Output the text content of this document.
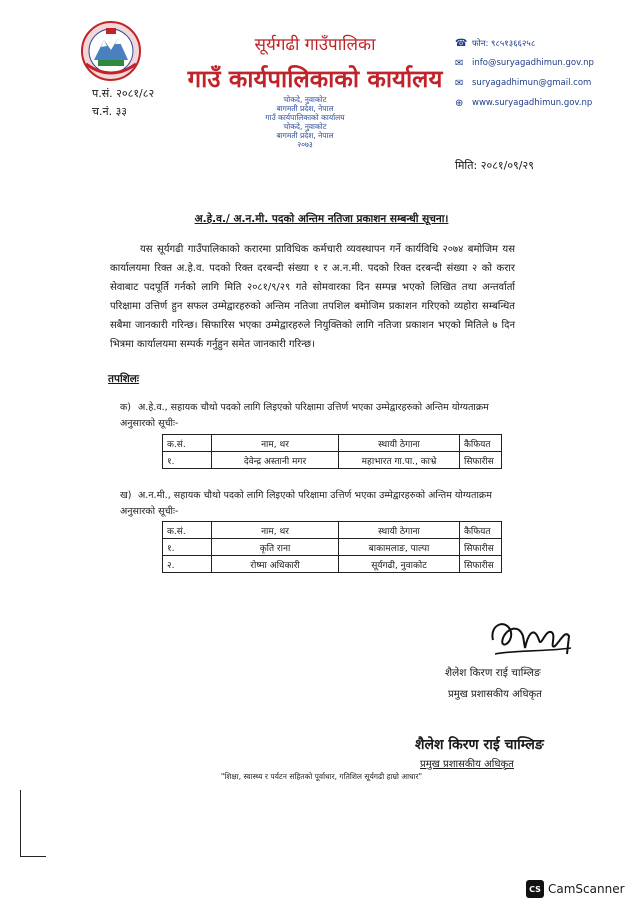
सूर्यगढी गाउँपालिका
गाउँ कार्यपालिकाको कार्यालय
प.सं. २०८१/८२
च.नं. ३३
☎ फोन: ९८५१३६६२५८
✉	info@suryagadhimun.gov.np
✉	suryagadhimun@gmail.com
⊕	www.suryagadhimun.gov.np
चोकदे, नुवाकोट
बागमती प्रदेश, नेपाल
गाउँ कार्यपालिकाको कार्यालय
चोकदे, नुवाकोट
बागमती प्रदेश, नेपाल
२०७३
मिति: २०८१/०९/२९
अ.हे.व./ अ.न.मी. पदको अन्तिम नतिजा प्रकाशन सम्बन्धी सूचना।
यस सूर्यगढी गाउँपालिकाको करारमा प्राविधिक कर्मचारी व्यवस्थापन गर्ने कार्यविधि २०७४ बमोजिम यस कार्यालयमा रिक्त अ.हे.व. पदको रिक्त दरबन्दी संख्या १ र अ.न.मी. पदको रिक्त दरबन्दी संख्या २ को करार सेवाबाट पदपूर्ति गर्नको लागि मिति २०८१/९/२९ गते सोमवारका दिन सम्पन्न भएको लिखित तथा अन्तर्वार्ता परिक्षामा उत्तिर्ण हुन सफल उम्मेद्वारहरुको अन्तिम नतिजा तपशिल बमोजिम प्रकाशन गरिएको व्यहोरा सम्बन्धित सबैमा जानकारी गरिन्छ। सिफारिस भएका उम्मेद्वारहरुले नियुक्तिको लागि नतिजा प्रकाशन भएको मितिले ७ दिन भित्रमा कार्यालयमा सम्पर्क गर्नुहुन समेत जानकारी गरिन्छ।
तपशिलः
क) अ.हे.व., सहायक चौथो पदको लागि लिइएको परिक्षामा उत्तिर्ण भएका उम्मेद्वारहरुको अन्तिम योग्यताक्रम अनुसारको सूचीः-
क.सं.	नाम, थर	स्थायी ठेगाना	कैफियत
१.	देवेन्द्र अस्तानी मगर	महाभारत गा.पा., काभ्रे	सिफारीस
ख) अ.न.मी., सहायक चौथो पदको लागि लिइएको परिक्षामा उत्तिर्ण भएका उम्मेद्वारहरुको अन्तिम योग्यताक्रम अनुसारको सूचीः-
क.सं.	नाम, थर	स्थायी ठेगाना	कैफियत
१.	कृति राना	बाकामलाङ, पाल्पा	सिफारीस
२.	रोष्मा अधिकारी	सूर्यगढी, नुवाकोट	सिफारीस
शैलेश किरण राई चाम्लिङ
प्रमुख प्रशासकीय अधिकृत
शैलेश किरण राई चाम्लिङ
प्रमुख प्रशासकीय अधिकृत
"शिक्षा, स्वास्थ्य र पर्यटन सहितको पूर्वाधार, गतिशिल सूर्यगढी हाम्रो आधार"
CS CamScanner
